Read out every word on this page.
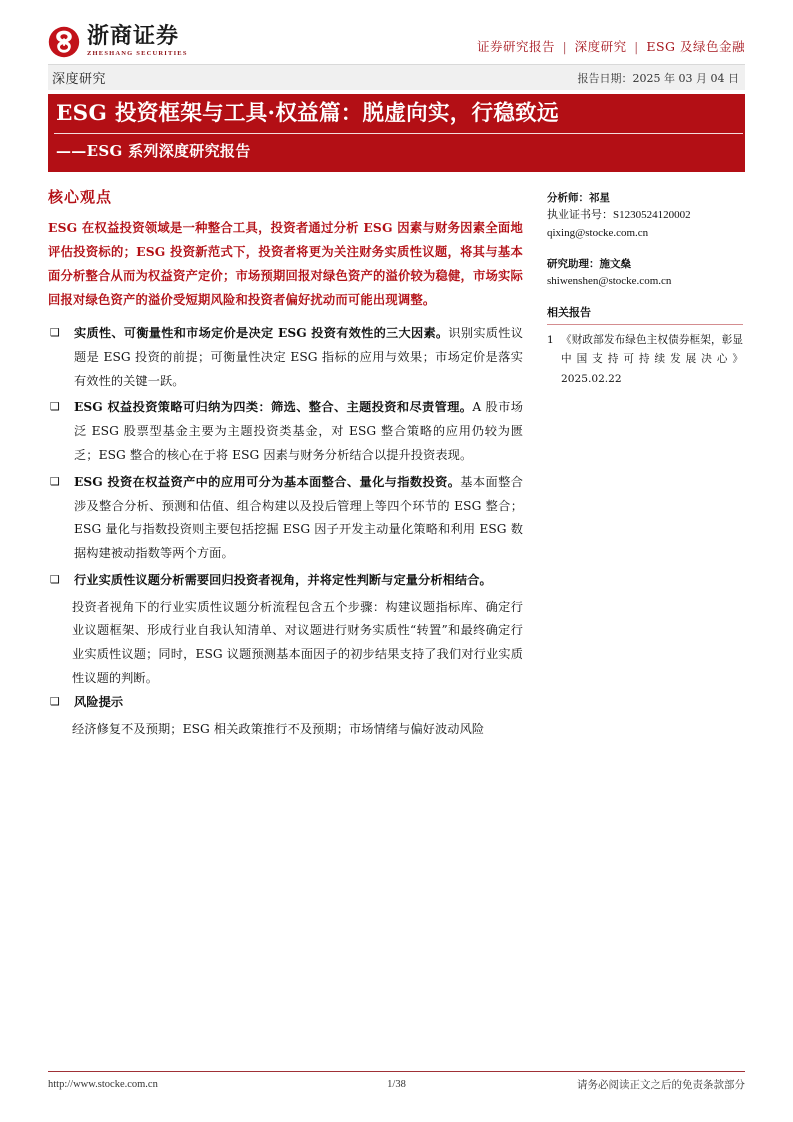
浙商证券
ZHESHANG SECURITIES	证券研究报告 | 深度研究 | ESG 及绿色金融
深度研究	报告日期：2025 年 03 月 04 日
ESG 投资框架与工具·权益篇：脱虚向实，行稳致远
——ESG 系列深度研究报告
核心观点
ESG 在权益投资领域是一种整合工具，投资者通过分析 ESG 因素与财务因素全面地评估投资标的；ESG 投资新范式下，投资者将更为关注财务实质性议题，将其与基本面分析整合从而为权益资产定价；市场预期回报对绿色资产的溢价较为稳健，市场实际回报对绿色资产的溢价受短期风险和投资者偏好扰动而可能出现调整。
❑	实质性、可衡量性和市场定价是决定 ESG 投资有效性的三大因素。识别实质性议题是 ESG 投资的前提；可衡量性决定 ESG 指标的应用与效果；市场定价是落实有效性的关键一跃。
❑	ESG 权益投资策略可归纳为四类：筛选、整合、主题投资和尽责管理。A 股市场泛 ESG 股票型基金主要为主题投资类基金，对 ESG 整合策略的应用仍较为匮乏；ESG 整合的核心在于将 ESG 因素与财务分析结合以提升投资表现。
❑	ESG 投资在权益资产中的应用可分为基本面整合、量化与指数投资。基本面整合涉及整合分析、预测和估值、组合构建以及投后管理上等四个环节的 ESG 整合；ESG 量化与指数投资则主要包括挖掘 ESG 因子开发主动量化策略和利用 ESG 数据构建被动指数等两个方面。
❑	行业实质性议题分析需要回归投资者视角，并将定性判断与定量分析相结合。
投资者视角下的行业实质性议题分析流程包含五个步骤：构建议题指标库、确定行业议题框架、形成行业自我认知清单、对议题进行财务实质性“转置”和最终确定行业实质性议题；同时，ESG 议题预测基本面因子的初步结果支持了我们对行业实质性议题的判断。
❑	风险提示
经济修复不及预期；ESG 相关政策推行不及预期；市场情绪与偏好波动风险
分析师：祁星
执业证书号：S1230524120002
qixing@stocke.com.cn
研究助理：施文燊
shiwenshen@stocke.com.cn
相关报告
1 《财政部发布绿色主权债券框架，彰显中国支持可持续发展决心》 2025.02.22
http://www.stocke.com.cn	1/38	请务必阅读正文之后的免责条款部分
